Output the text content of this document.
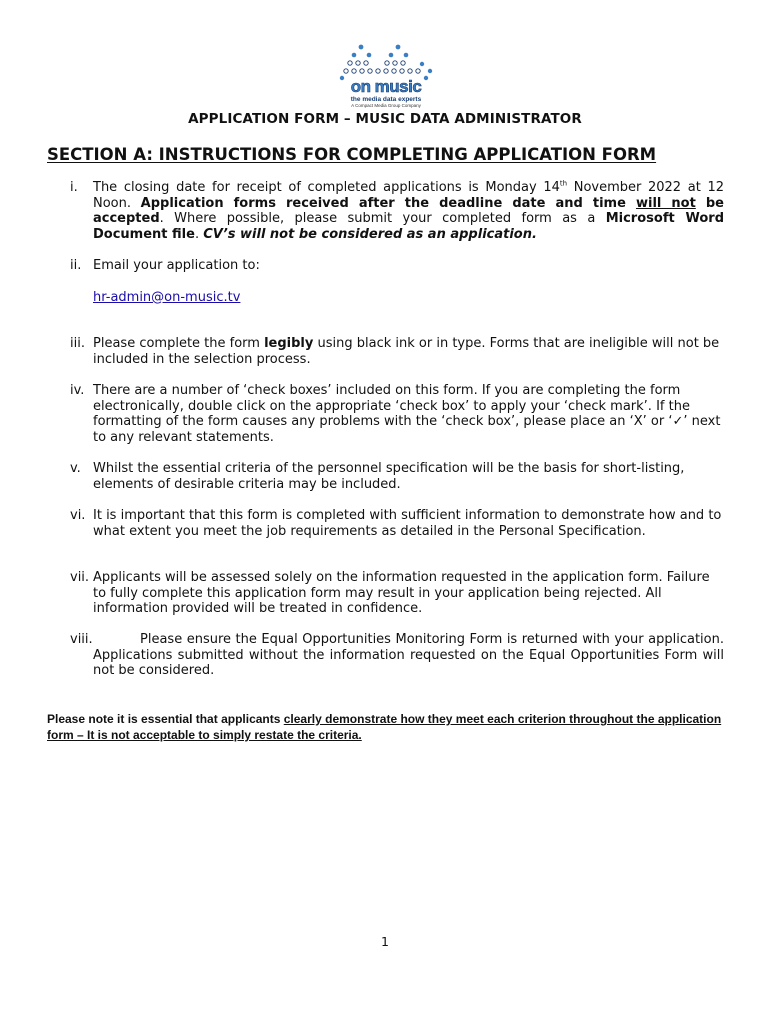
on music
the media data experts
A Compact Media Group Company
APPLICATION FORM – MUSIC DATA ADMINISTRATOR
SECTION A: INSTRUCTIONS FOR COMPLETING APPLICATION FORM
i. The closing date for receipt of completed applications is Monday 14th November 2022 at 12 Noon. Application forms received after the deadline date and time will not be accepted. Where possible, please submit your completed form as a Microsoft Word Document file. CV’s will not be considered as an application.
ii. Email your application to:
hr-admin@on-music.tv
iii. Please complete the form legibly using black ink or in type. Forms that are ineligible will not be included in the selection process.
iv. There are a number of ‘check boxes’ included on this form. If you are completing the form electronically, double click on the appropriate ‘check box’ to apply your ‘check mark’. If the formatting of the form causes any problems with the ‘check box’, please place an ‘X’ or ‘✓’ next to any relevant statements.
v. Whilst the essential criteria of the personnel specification will be the basis for short-listing, elements of desirable criteria may be included.
vi. It is important that this form is completed with sufficient information to demonstrate how and to what extent you meet the job requirements as detailed in the Personal Specification.
vii. Applicants will be assessed solely on the information requested in the application form. Failure to fully complete this application form may result in your application being rejected. All information provided will be treated in confidence.
viii.	Please ensure the Equal Opportunities Monitoring Form is returned with your application. Applications submitted without the information requested on the Equal Opportunities Form will not be considered.
Please note it is essential that applicants clearly demonstrate how they meet each criterion throughout the application form – It is not acceptable to simply restate the criteria.
1
